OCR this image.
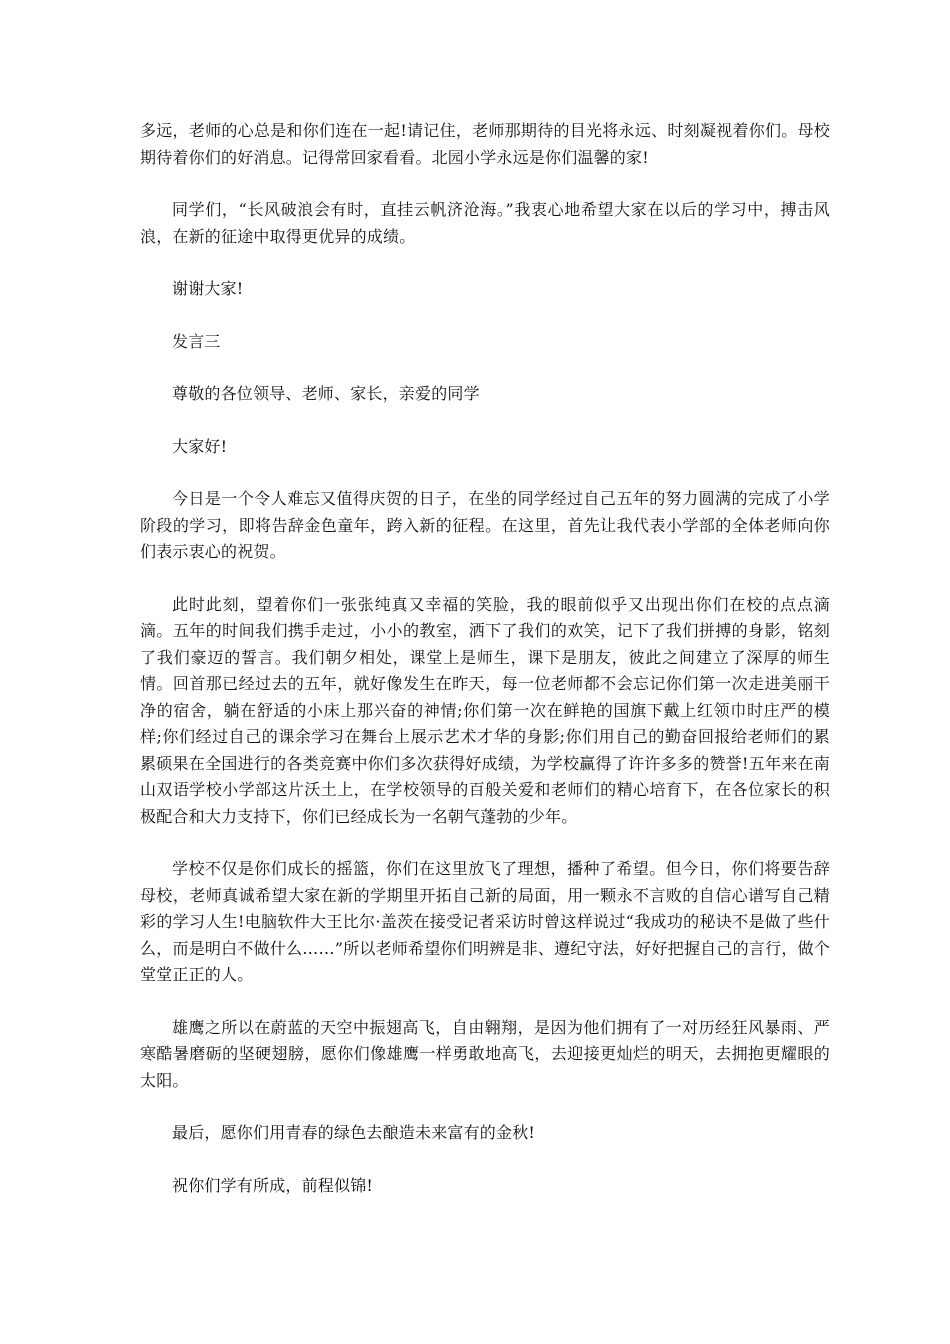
多远，老师的心总是和你们连在一起!请记住，老师那期待的目光将永远、时刻凝视着你们。母校期待着你们的好消息。记得常回家看看。北园小学永远是你们温馨的家!

同学们，“长风破浪会有时，直挂云帆济沧海。”我衷心地希望大家在以后的学习中，搏击风浪，在新的征途中取得更优异的成绩。

谢谢大家!

发言三

尊敬的各位领导、老师、家长，亲爱的同学

大家好!

今日是一个令人难忘又值得庆贺的日子，在坐的同学经过自己五年的努力圆满的完成了小学阶段的学习，即将告辞金色童年，跨入新的征程。在这里，首先让我代表小学部的全体老师向你们表示衷心的祝贺。

此时此刻，望着你们一张张纯真又幸福的笑脸，我的眼前似乎又出现出你们在校的点点滴滴。五年的时间我们携手走过，小小的教室，洒下了我们的欢笑，记下了我们拼搏的身影，铭刻了我们豪迈的誓言。我们朝夕相处，课堂上是师生，课下是朋友，彼此之间建立了深厚的师生情。回首那已经过去的五年，就好像发生在昨天，每一位老师都不会忘记你们第一次走进美丽干净的宿舍，躺在舒适的小床上那兴奋的神情;你们第一次在鲜艳的国旗下戴上红领巾时庄严的模样;你们经过自己的课余学习在舞台上展示艺术才华的身影;你们用自己的勤奋回报给老师们的累累硕果在全国进行的各类竞赛中你们多次获得好成绩，为学校赢得了许许多多的赞誉!五年来在南山双语学校小学部这片沃土上，在学校领导的百般关爱和老师们的精心培育下，在各位家长的积极配合和大力支持下，你们已经成长为一名朝气蓬勃的少年。

学校不仅是你们成长的摇篮，你们在这里放飞了理想，播种了希望。但今日，你们将要告辞母校，老师真诚希望大家在新的学期里开拓自己新的局面，用一颗永不言败的自信心谱写自己精彩的学习人生!电脑软件大王比尔·盖茨在接受记者采访时曾这样说过“我成功的秘诀不是做了些什么，而是明白不做什么……”所以老师希望你们明辨是非、遵纪守法，好好把握自己的言行，做个堂堂正正的人。

雄鹰之所以在蔚蓝的天空中振翅高飞，自由翱翔，是因为他们拥有了一对历经狂风暴雨、严寒酷暑磨砺的坚硬翅膀，愿你们像雄鹰一样勇敢地高飞，去迎接更灿烂的明天，去拥抱更耀眼的太阳。

最后，愿你们用青春的绿色去酿造未来富有的金秋!

祝你们学有所成，前程似锦!
